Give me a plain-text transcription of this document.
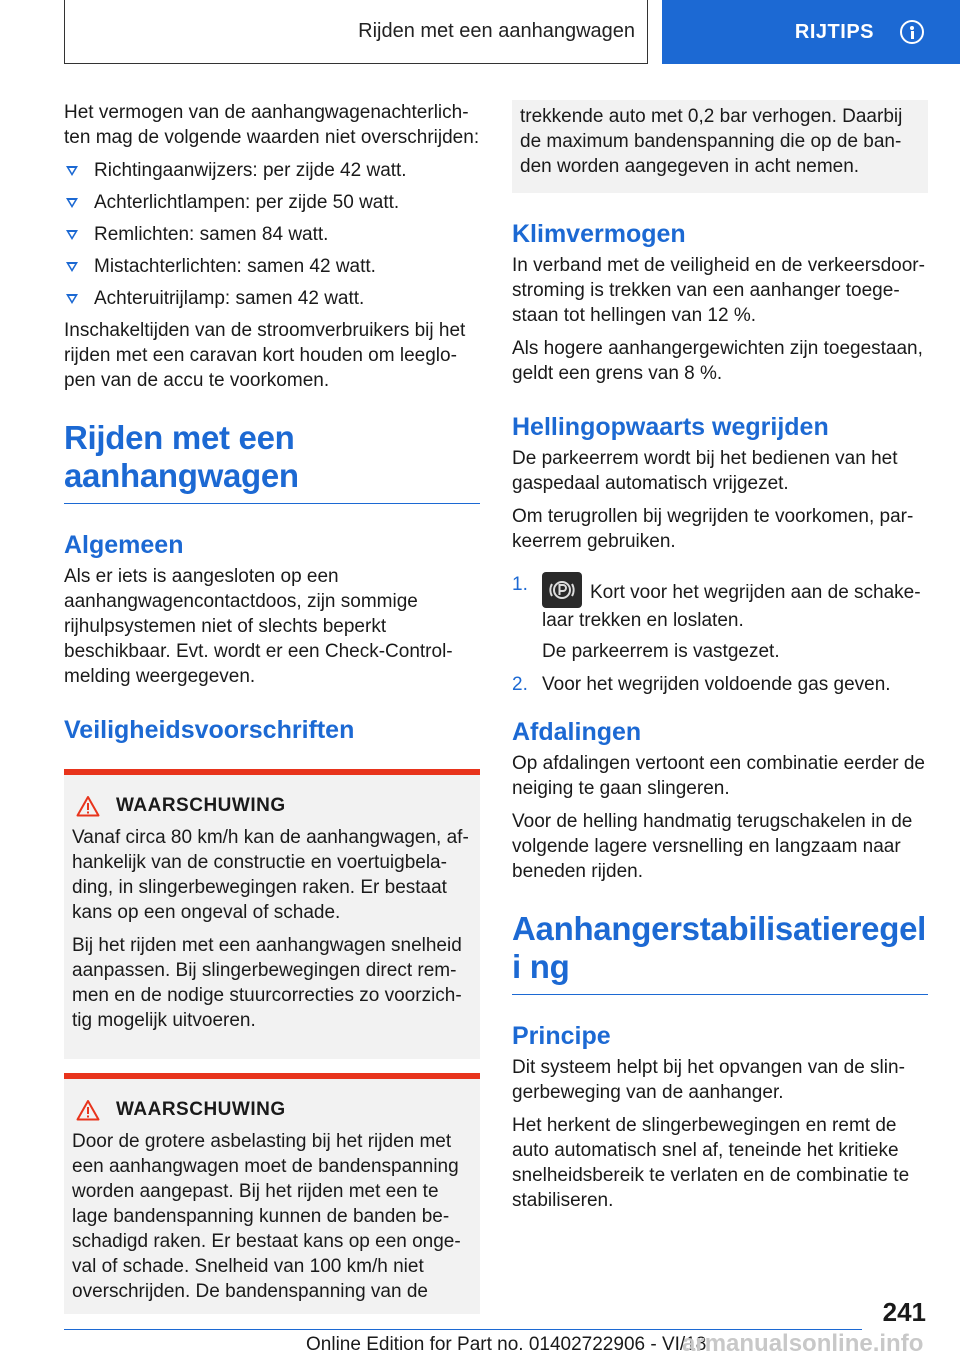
Rijden met een aanhangwagen	RIJTIPS

Het vermogen van de aanhangwagenachterlichten mag de volgende waarden niet overschrijden:

Richtingaanwijzers: per zijde 42 watt.
Achterlichtlampen: per zijde 50 watt.
Remlichten: samen 84 watt.
Mistachterlichten: samen 42 watt.
Achteruitrijlamp: samen 42 watt.

Inschakeltijden van de stroomverbruikers bij het rijden met een caravan kort houden om leeglopen van de accu te voorkomen.

Rijden met een aanhangwagen
Algemeen

Als er iets is aangesloten op een aanhangwagencontactdoos, zijn sommige rijhulpsystemen niet of slechts beperkt beschikbaar. Evt. wordt er een Check-Control-melding weergegeven.

Veiligheidsvoorschriften
WAARSCHUWING

Vanaf circa 80 km/h kan de aanhangwagen, afhankelijk van de constructie en voertuigbelading, in slingerbewegingen raken. Er bestaat kans op een ongeval of schade.

Bij het rijden met een aanhangwagen snelheid aanpassen. Bij slingerbewegingen direct remmen en de nodige stuurcorrecties zo voorzichtig mogelijk uitvoeren.

WAARSCHUWING

Door de grotere asbelasting bij het rijden met een aanhangwagen moet de bandenspanning worden aangepast. Bij het rijden met een te lage bandenspanning kunnen de banden beschadigd raken. Er bestaat kans op een ongeval of schade. Snelheid van 100 km/h niet overschrijden. De bandenspanning van de

trekkende auto met 0,2 bar verhogen. Daarbij de maximum bandenspanning die op de banden worden aangegeven in acht nemen.

Klimvermogen

In verband met de veiligheid en de verkeersdoorstroming is trekken van een aanhanger toegestaan tot hellingen van 12 %.

Als hogere aanhangergewichten zijn toegestaan, geldt een grens van 8 %.

Hellingopwaarts wegrijden

De parkeerrem wordt bij het bedienen van het gaspedaal automatisch vrijgezet.

Om terugrollen bij wegrijden te voorkomen, parkeerrem gebruiken.

1.	Kort voor het wegrijden aan de schakelaar trekken en loslaten.
De parkeerrem is vastgezet.
2. Voor het wegrijden voldoende gas geven.
Afdalingen

Op afdalingen vertoont een combinatie eerder de neiging te gaan slingeren.

Voor de helling handmatig terugschakelen in de volgende lagere versnelling en langzaam naar beneden rijden.

Aanhangerstabilisatieregeli ng
Principe

Dit systeem helpt bij het opvangen van de slingerbeweging van de aanhanger.

Het herkent de slingerbewegingen en remt de auto automatisch snel af, teneinde het kritieke snelheidsbereik te verlaten en de combinatie te stabiliseren.

241
Online Edition for Part no. 01402722906 - VI/18
armanualsonline.info
